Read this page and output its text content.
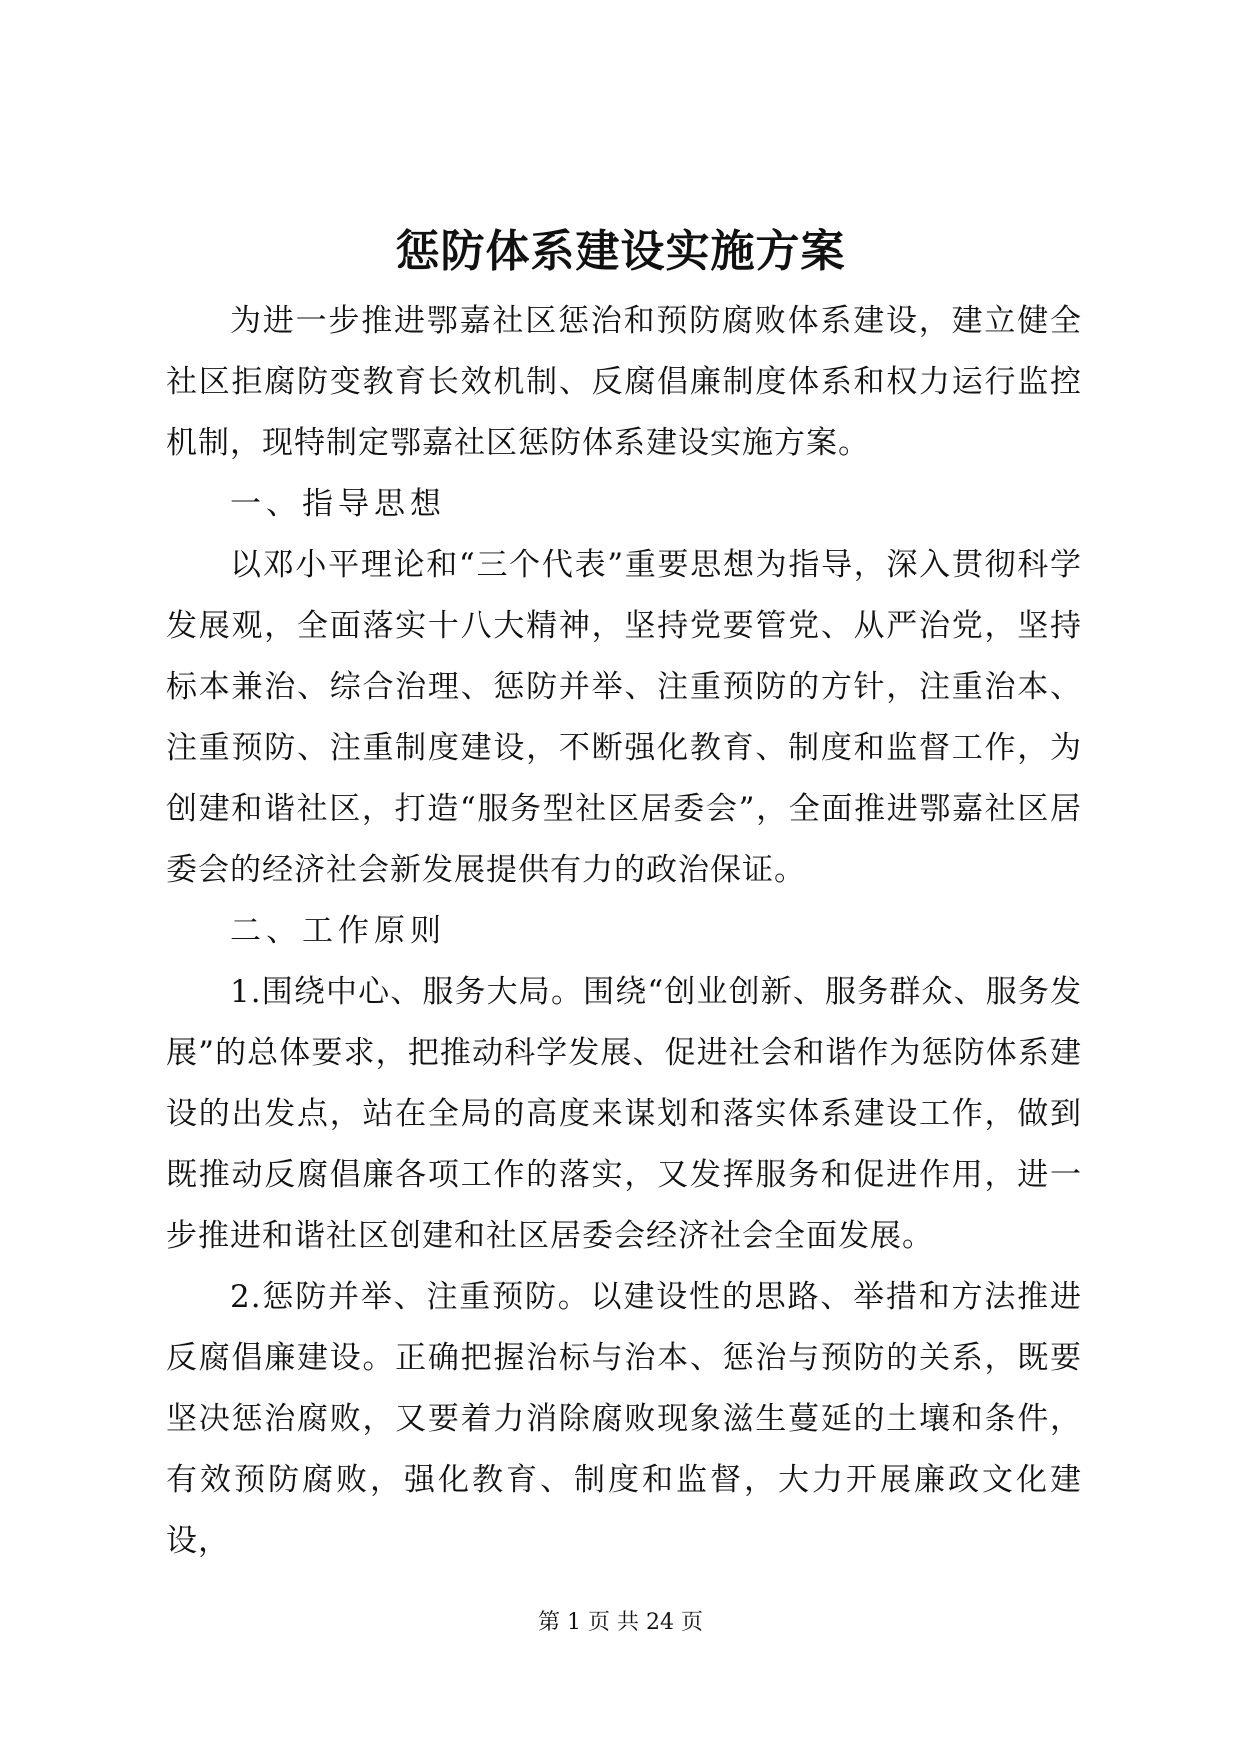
惩防体系建设实施方案

为进一步推进鄂嘉社区惩治和预防腐败体系建设，建立健全社区拒腐防变教育长效机制、反腐倡廉制度体系和权力运行监控机制，现特制定鄂嘉社区惩防体系建设实施方案。

一、指导思想

以邓小平理论和“三个代表”重要思想为指导，深入贯彻科学发展观，全面落实十八大精神，坚持党要管党、从严治党，坚持标本兼治、综合治理、惩防并举、注重预防的方针，注重治本、注重预防、注重制度建设，不断强化教育、制度和监督工作，为创建和谐社区，打造“服务型社区居委会”，全面推进鄂嘉社区居委会的经济社会新发展提供有力的政治保证。

二、工作原则

1.围绕中心、服务大局。围绕“创业创新、服务群众、服务发展”的总体要求，把推动科学发展、促进社会和谐作为惩防体系建设的出发点，站在全局的高度来谋划和落实体系建设工作，做到既推动反腐倡廉各项工作的落实，又发挥服务和促进作用，进一步推进和谐社区创建和社区居委会经济社会全面发展。

2.惩防并举、注重预防。以建设性的思路、举措和方法推进反腐倡廉建设。正确把握治标与治本、惩治与预防的关系，既要坚决惩治腐败，又要着力消除腐败现象滋生蔓延的土壤和条件，有效预防腐败，强化教育、制度和监督，大力开展廉政文化建设，

第 1 页 共 24 页
